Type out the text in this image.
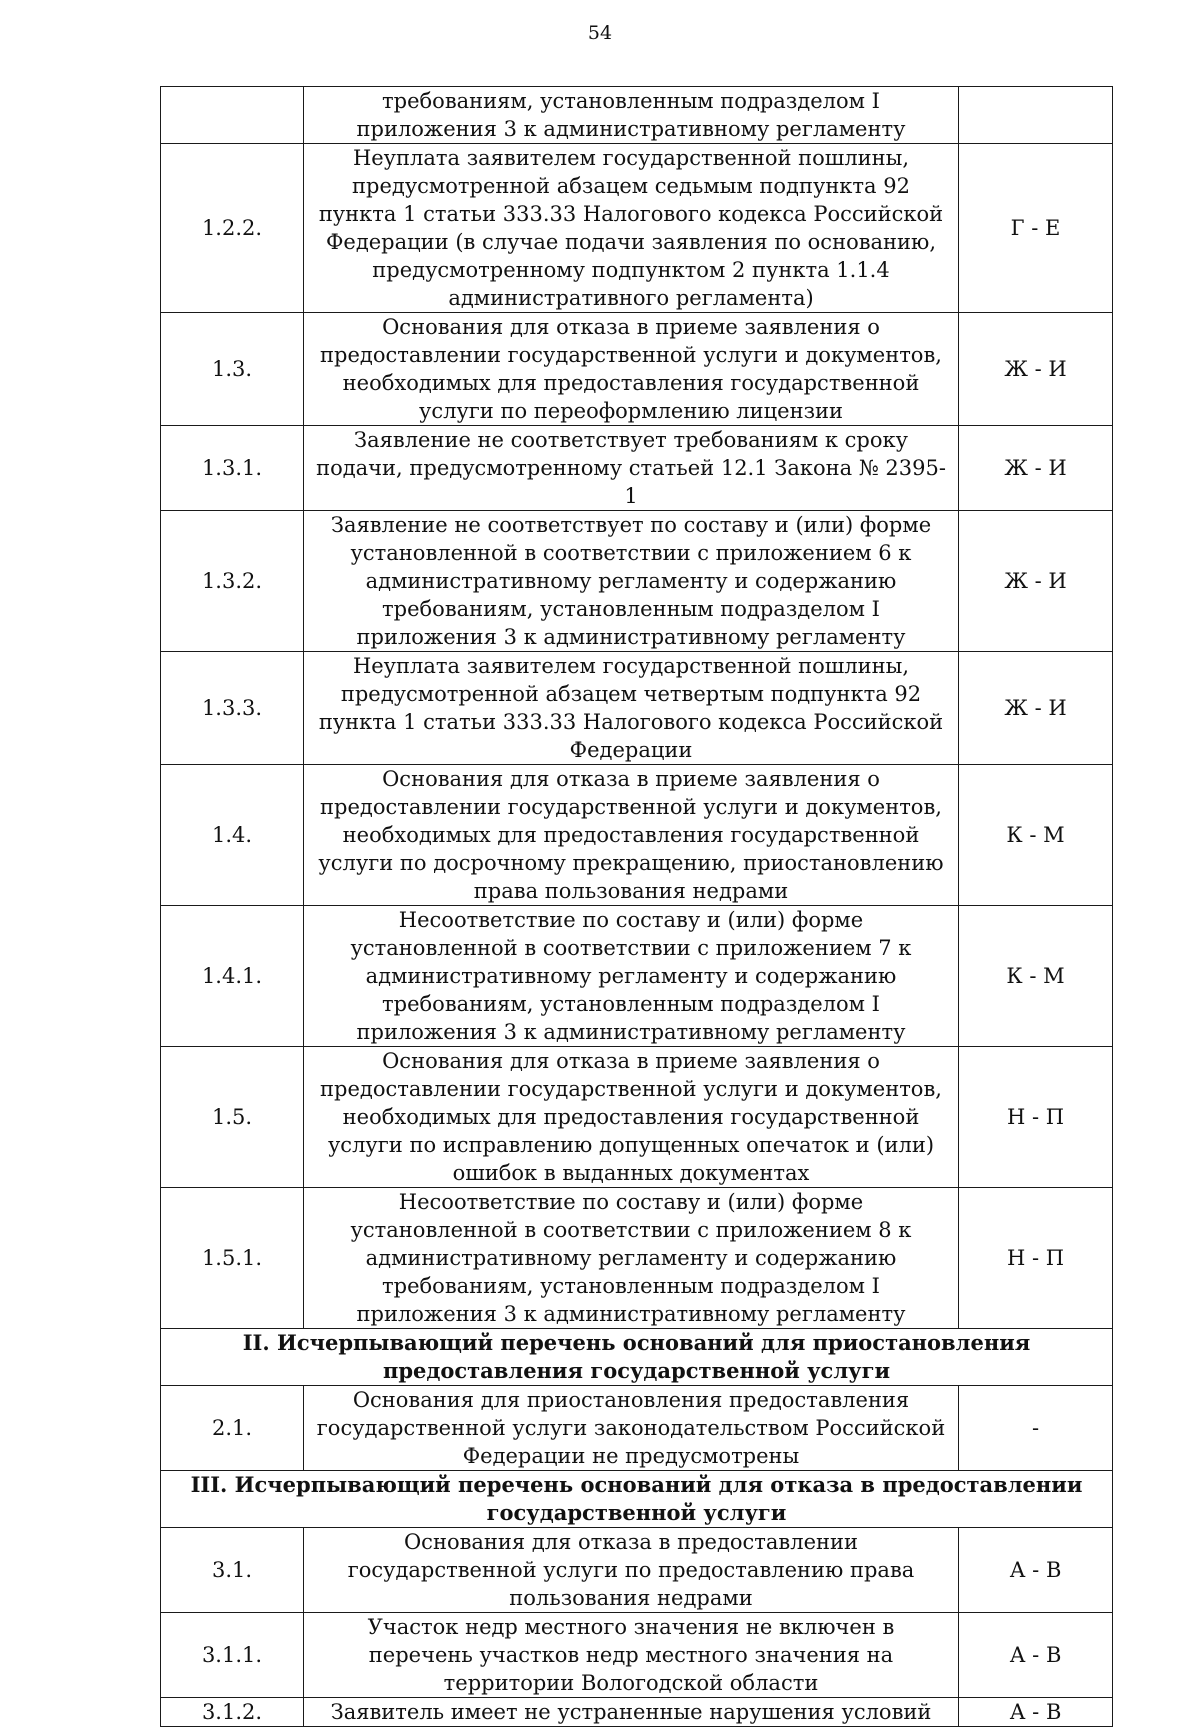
54
	требованиям, установленным подразделом I приложения 3 к административному регламенту	
1.2.2.	Неуплата заявителем государственной пошлины, предусмотренной абзацем седьмым подпункта 92 пункта 1 статьи 333.33 Налогового кодекса Российской Федерации (в случае подачи заявления по основанию, предусмотренному подпунктом 2 пункта 1.1.4 административного регламента)	Г - Е
1.3.	Основания для отказа в приеме заявления о предоставлении государственной услуги и документов, необходимых для предоставления государственной услуги по переоформлению лицензии	Ж - И
1.3.1.	Заявление не соответствует требованиям к сроку подачи, предусмотренному статьей 12.1 Закона № 2395-1	Ж - И
1.3.2.	Заявление не соответствует по составу и (или) форме установленной в соответствии с приложением 6 к административному регламенту и содержанию требованиям, установленным подразделом I приложения 3 к административному регламенту	Ж - И
1.3.3.	Неуплата заявителем государственной пошлины, предусмотренной абзацем четвертым подпункта 92 пункта 1 статьи 333.33 Налогового кодекса Российской Федерации	Ж - И
1.4.	Основания для отказа в приеме заявления о предоставлении государственной услуги и документов, необходимых для предоставления государственной услуги по досрочному прекращению, приостановлению права пользования недрами	К - М
1.4.1.	Несоответствие по составу и (или) форме установленной в соответствии с приложением 7 к административному регламенту и содержанию требованиям, установленным подразделом I приложения 3 к административному регламенту	К - М
1.5.	Основания для отказа в приеме заявления о предоставлении государственной услуги и документов, необходимых для предоставления государственной услуги по исправлению допущенных опечаток и (или) ошибок в выданных документах	Н - П
1.5.1.	Несоответствие по составу и (или) форме установленной в соответствии с приложением 8 к административному регламенту и содержанию требованиям, установленным подразделом I приложения 3 к административному регламенту	Н - П
II. Исчерпывающий перечень оснований для приостановления предоставления государственной услуги		
2.1.	Основания для приостановления предоставления государственной услуги законодательством Российской Федерации не предусмотрены	-
III. Исчерпывающий перечень оснований для отказа в предоставлении государственной услуги		
3.1.	Основания для отказа в предоставлении государственной услуги по предоставлению права пользования недрами	А - В
3.1.1.	Участок недр местного значения не включен в перечень участков недр местного значения на территории Вологодской области	А - В
3.1.2.	Заявитель имеет не устраненные нарушения условий	А - В
